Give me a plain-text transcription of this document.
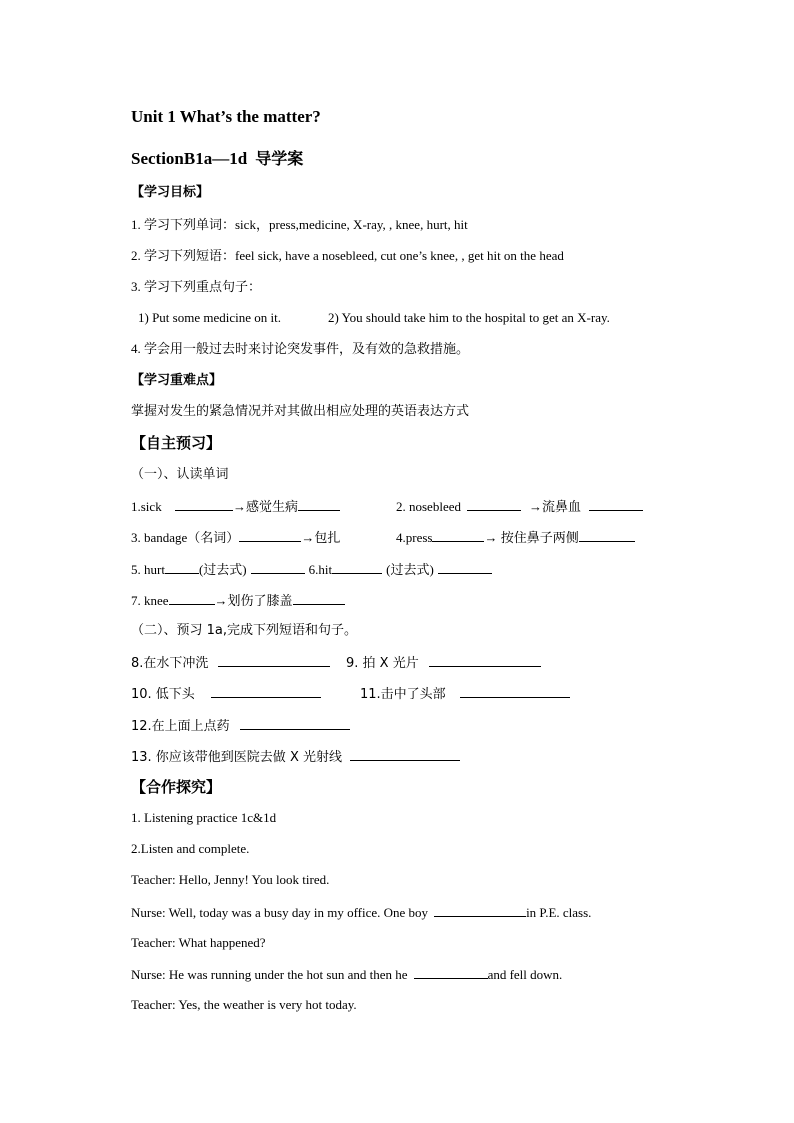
Unit 1 What’s the matter?
SectionB1a—1d 导学案
【学习目标】
1. 学习下列单词：sick，press,medicine, X-ray, , knee, hurt, hit
2. 学习下列短语：feel sick, have a nosebleed, cut one’s knee, , get hit on the head
3. 学习下列重点句子：
1) Put some medicine on it.	2) You should take him to the hospital to get an X-ray.
4. 学会用一般过去时来讨论突发事件，及有效的急救措施。
【学习重难点】
掌握对发生的紧急情况并对其做出相应处理的英语表达方式
【自主预习】
（一）、认读单词
1.sick	→感觉生病	2. nosebleed	→流鼻血
3. bandage（名词）	→包扎	4.press	→ 按住鼻子两侧
5. hurt	(过去式)	6.hit	(过去式)
7. knee	→划伤了膝盖
（二）、预习 1a,完成下列短语和句子。
8.在水下冲洗	9. 拍 X 光片
10. 低下头	11.击中了头部
12.在上面上点药
13. 你应该带他到医院去做 X 光射线
【合作探究】
1. Listening practice 1c&1d
2.Listen and complete.
Teacher: Hello, Jenny! You look tired.
Nurse: Well, today was a busy day in my office. One boy	in P.E. class.
Teacher: What happened?
Nurse: He was running under the hot sun and then he	and fell down.
Teacher: Yes, the weather is very hot today.
